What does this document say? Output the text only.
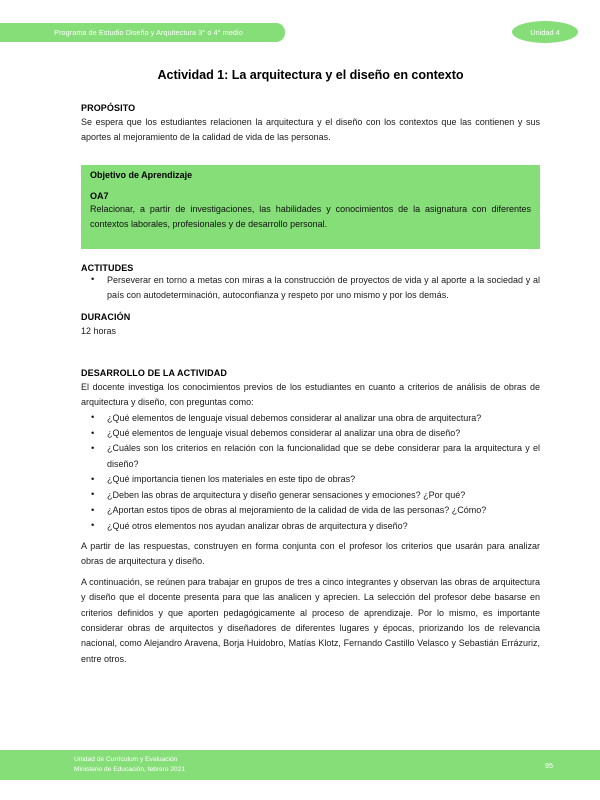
Programa de Estudio Diseño y Arquitectura 3° o 4° medio	Unidad 4
Actividad 1: La arquitectura y el diseño en contexto
PROPÓSITO

Se espera que los estudiantes relacionen la arquitectura y el diseño con los contextos que las contienen y sus aportes al mejoramiento de la calidad de vida de las personas.

Objetivo de Aprendizaje
OA7

Relacionar, a partir de investigaciones, las habilidades y conocimientos de la asignatura con diferentes contextos laborales, profesionales y de desarrollo personal.

ACTITUDES
• Perseverar en torno a metas con miras a la construcción de proyectos de vida y al aporte a la sociedad y al país con autodeterminación, autoconfianza y respeto por uno mismo y por los demás.
DURACIÓN

12 horas

DESARROLLO DE LA ACTIVIDAD

El docente investiga los conocimientos previos de los estudiantes en cuanto a criterios de análisis de obras de arquitectura y diseño, con preguntas como:

• ¿Qué elementos de lenguaje visual debemos considerar al analizar una obra de arquitectura?
• ¿Qué elementos de lenguaje visual debemos considerar al analizar una obra de diseño?
• ¿Cuáles son los criterios en relación con la funcionalidad que se debe considerar para la arquitectura y el diseño?
• ¿Qué importancia tienen los materiales en este tipo de obras?
• ¿Deben las obras de arquitectura y diseño generar sensaciones y emociones? ¿Por qué?
• ¿Aportan estos tipos de obras al mejoramiento de la calidad de vida de las personas? ¿Cómo?
• ¿Qué otros elementos nos ayudan analizar obras de arquitectura y diseño?

A partir de las respuestas, construyen en forma conjunta con el profesor los criterios que usarán para analizar obras de arquitectura y diseño.

A continuación, se reúnen para trabajar en grupos de tres a cinco integrantes y observan las obras de arquitectura y diseño que el docente presenta para que las analicen y aprecien. La selección del profesor debe basarse en criterios definidos y que aporten pedagógicamente al proceso de aprendizaje. Por lo mismo, es importante considerar obras de arquitectos y diseñadores de diferentes lugares y épocas, priorizando los de relevancia nacional, como Alejandro Aravena, Borja Huidobro, Matías Klotz, Fernando Castillo Velasco y Sebastián Errázuriz, entre otros.

Unidad de Currículum y Evaluación
Ministerio de Educación, febrero 2021	95
